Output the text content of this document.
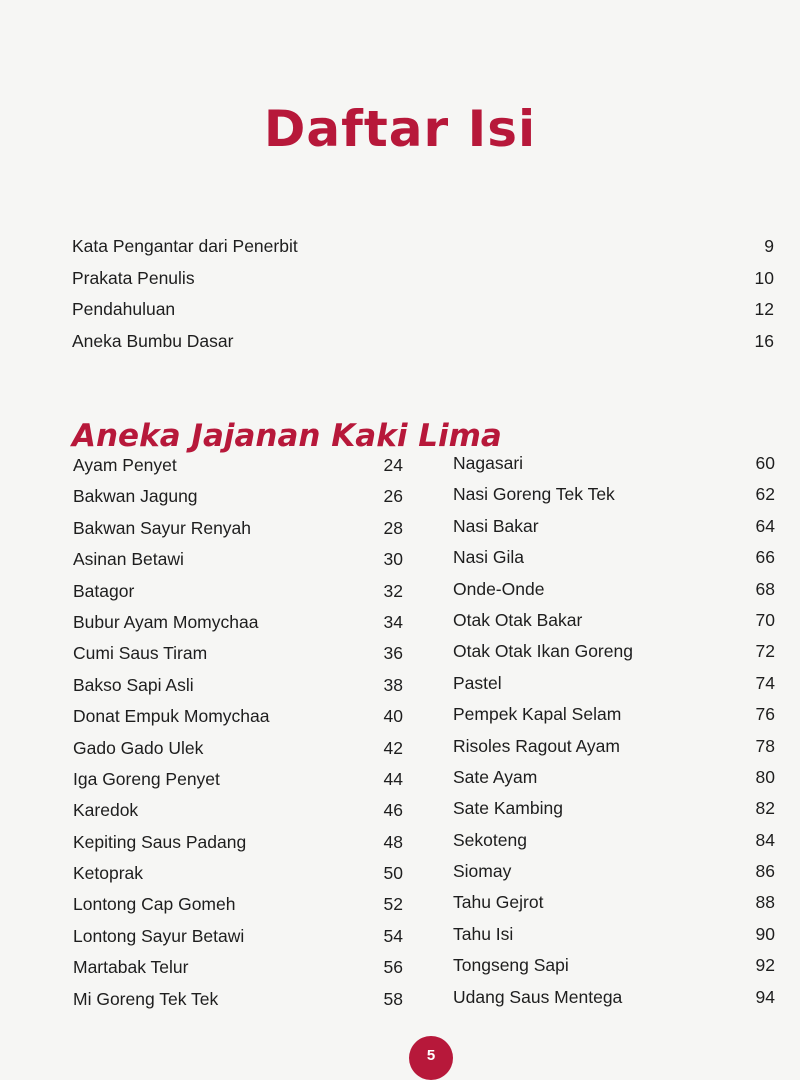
Daftar Isi
Kata Pengantar dari Penerbit	9
Prakata Penulis	10
Pendahuluan	12
Aneka Bumbu Dasar	16
Aneka Jajanan Kaki Lima
Ayam Penyet	24
Bakwan Jagung	26
Bakwan Sayur Renyah	28
Asinan Betawi	30
Batagor	32
Bubur Ayam Momychaa	34
Cumi Saus Tiram	36
Bakso Sapi Asli	38
Donat Empuk Momychaa	40
Gado Gado Ulek	42
Iga Goreng Penyet	44
Karedok	46
Kepiting Saus Padang	48
Ketoprak	50
Lontong Cap Gomeh	52
Lontong Sayur Betawi	54
Martabak Telur	56
Mi Goreng Tek Tek	58
Nagasari	60
Nasi Goreng Tek Tek	62
Nasi Bakar	64
Nasi Gila	66
Onde-Onde	68
Otak Otak Bakar	70
Otak Otak Ikan Goreng	72
Pastel	74
Pempek Kapal Selam	76
Risoles Ragout Ayam	78
Sate Ayam	80
Sate Kambing	82
Sekoteng	84
Siomay	86
Tahu Gejrot	88
Tahu Isi	90
Tongseng Sapi	92
Udang Saus Mentega	94
5
